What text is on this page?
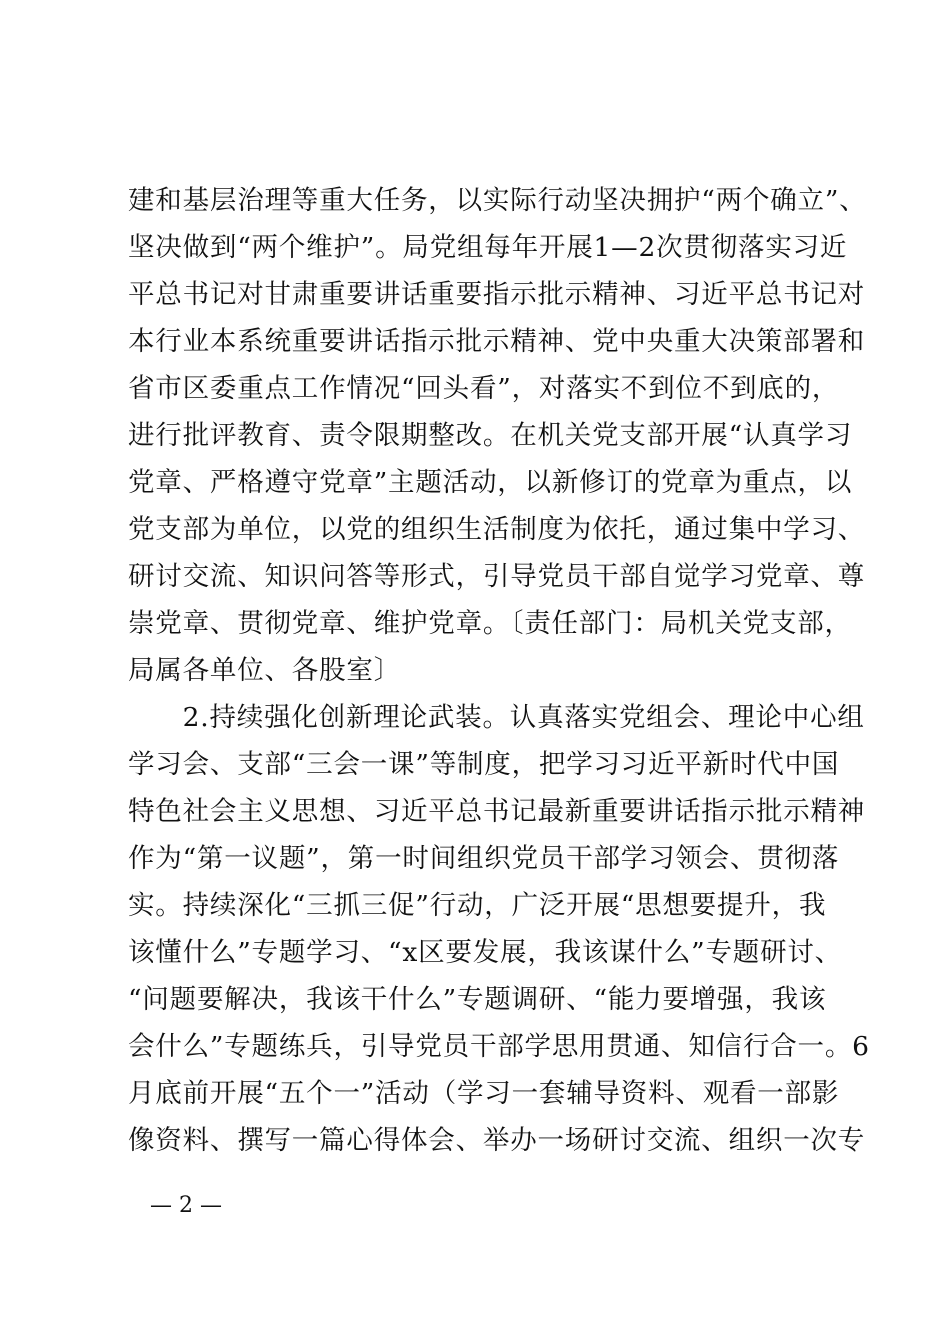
建和基层治理等重大任务，以实际行动坚决拥护“两个确立”、
坚决做到“两个维护”。局党组每年开展1—2次贯彻落实习近
平总书记对甘肃重要讲话重要指示批示精神、习近平总书记对
本行业本系统重要讲话指示批示精神、党中央重大决策部署和
省市区委重点工作情况“回头看”，对落实不到位不到底的，
进行批评教育、责令限期整改。在机关党支部开展“认真学习
党章、严格遵守党章”主题活动，以新修订的党章为重点，以
党支部为单位，以党的组织生活制度为依托，通过集中学习、
研讨交流、知识问答等形式，引导党员干部自觉学习党章、尊
崇党章、贯彻党章、维护党章。〔责任部门：局机关党支部，
局属各单位、各股室〕
　　2.持续强化创新理论武装。认真落实党组会、理论中心组
学习会、支部“三会一课”等制度，把学习习近平新时代中国
特色社会主义思想、习近平总书记最新重要讲话指示批示精神
作为“第一议题”，第一时间组织党员干部学习领会、贯彻落
实。持续深化“三抓三促”行动，广泛开展“思想要提升，我
该懂什么”专题学习、“x区要发展，我该谋什么”专题研讨、
“问题要解决，我该干什么”专题调研、“能力要增强，我该
会什么”专题练兵，引导党员干部学思用贯通、知信行合一。6
月底前开展“五个一”活动（学习一套辅导资料、观看一部影
像资料、撰写一篇心得体会、举办一场研讨交流、组织一次专
— 2 —
